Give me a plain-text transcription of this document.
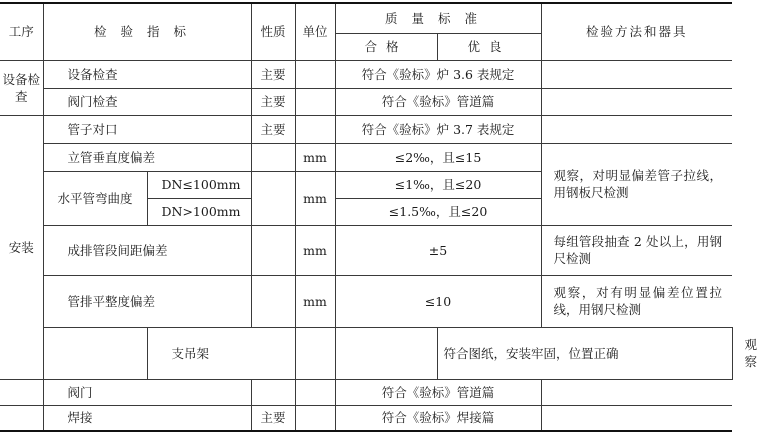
工序	检验指标		性质	单位	质量标准		检验方法和器具	
					合格	优良		
设备检查	设备检查		主要		符合《验标》炉 3.6 表规定			
	阀门检查		主要		符合《验标》管道篇			
安装	管子对口		主要		符合《验标》炉 3.7 表规定			
	立管垂直度偏差			mm	≤2‰，且≤15		观察，对明显偏差管子拉线，用钢板尺检测	
	水平管弯曲度	DN≤100mm		mm	≤1‰，且≤20			
		DN>100mm			≤1.5‰，且≤20			
	成排管段间距偏差			mm	±5		每组管段抽查 2 处以上，用钢尺检测	
	管排平整度偏差			mm	≤10		观察，对有明显偏差位置拉线，用钢尺检测	
		支吊架				符合图纸，安装牢固，位置正确		观察
	阀门				符合《验标》管道篇			
	焊接		主要		符合《验标》焊接篇			
